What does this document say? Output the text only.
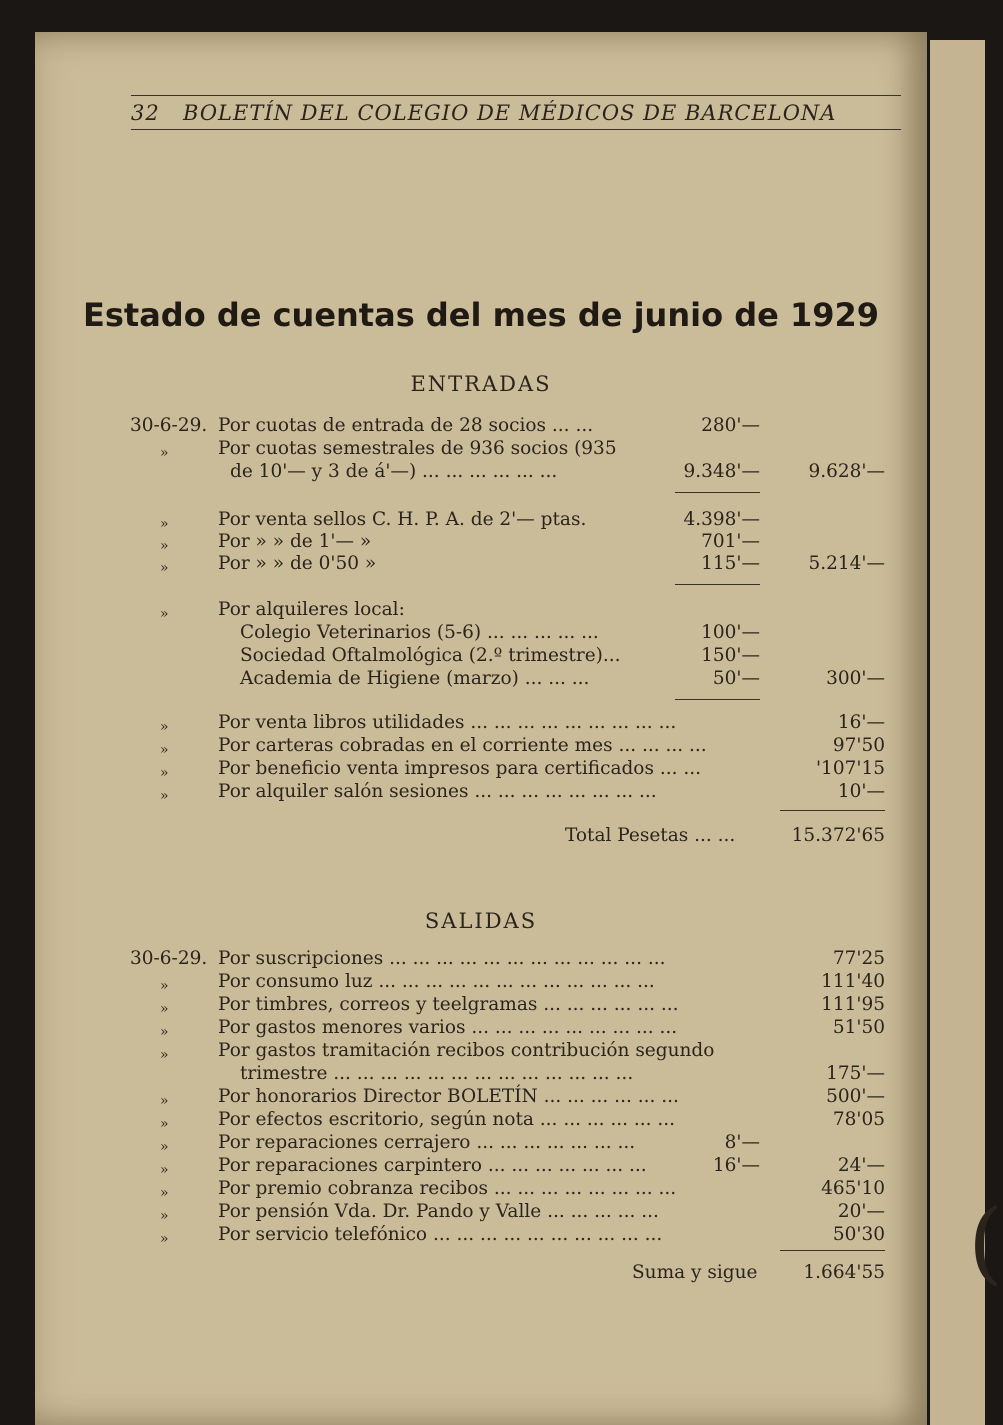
(
32 BOLETÍN DEL COLEGIO DE MÉDICOS DE BARCELONA
Estado de cuentas del mes de junio de 1929
ENTRADAS
30-6-29. Por cuotas de entrada de 28 socios ... ...	280'—
»	Por cuotas semestrales de 936 socios (935
de 10'— y 3 de á'—) ... ... ... ... ... ...	9.348'—	9.628'—
»	Por venta sellos C. H. P. A. de 2'— ptas.	4.398'—
»	Por » » de 1'— »	701'—
»	Por » » de 0'50 »	115'—	5.214'—
»	Por alquileres local:
Colegio Veterinarios (5-6) ... ... ... ... ...	100'—
Sociedad Oftalmológica (2.º trimestre)...	150'—
Academia de Higiene (marzo) ... ... ...	50'—	300'—
»	Por venta libros utilidades ... ... ... ... ... ... ... ... ...	16'—
»	Por carteras cobradas en el corriente mes ... ... ... ...	97'50
»	Por beneficio venta impresos para certificados ... ...	'107'15
»	Por alquiler salón sesiones ... ... ... ... ... ... ... ...	10'—
Total Pesetas ... ...	15.372'65
SALIDAS
30-6-29. Por suscripciones ... ... ... ... ... ... ... ... ... ... ... ...	77'25
»	Por consumo luz ... ... ... ... ... ... ... ... ... ... ... ...	111'40
»	Por timbres, correos y teelgramas ... ... ... ... ... ...	111'95
»	Por gastos menores varios ... ... ... ... ... ... ... ... ...	51'50
»	Por gastos tramitación recibos contribución segundo
trimestre ... ... ... ... ... ... ... ... ... ... ... ... ...	175'—
»	Por honorarios Director BOLETÍN ... ... ... ... ... ...	500'—
»	Por efectos escritorio, según nota ... ... ... ... ... ...	78'05
»	Por reparaciones cerrajero ... ... ... ... ... ... ...	8'—
»	Por reparaciones carpintero ... ... ... ... ... ... ...	16'—	24'—
»	Por premio cobranza recibos ... ... ... ... ... ... ... ...	465'10
»	Por pensión Vda. Dr. Pando y Valle ... ... ... ... ...	20'—
»	Por servicio telefónico ... ... ... ... ... ... ... ... ... ...	50'30
Suma y sigue	1.664'55
